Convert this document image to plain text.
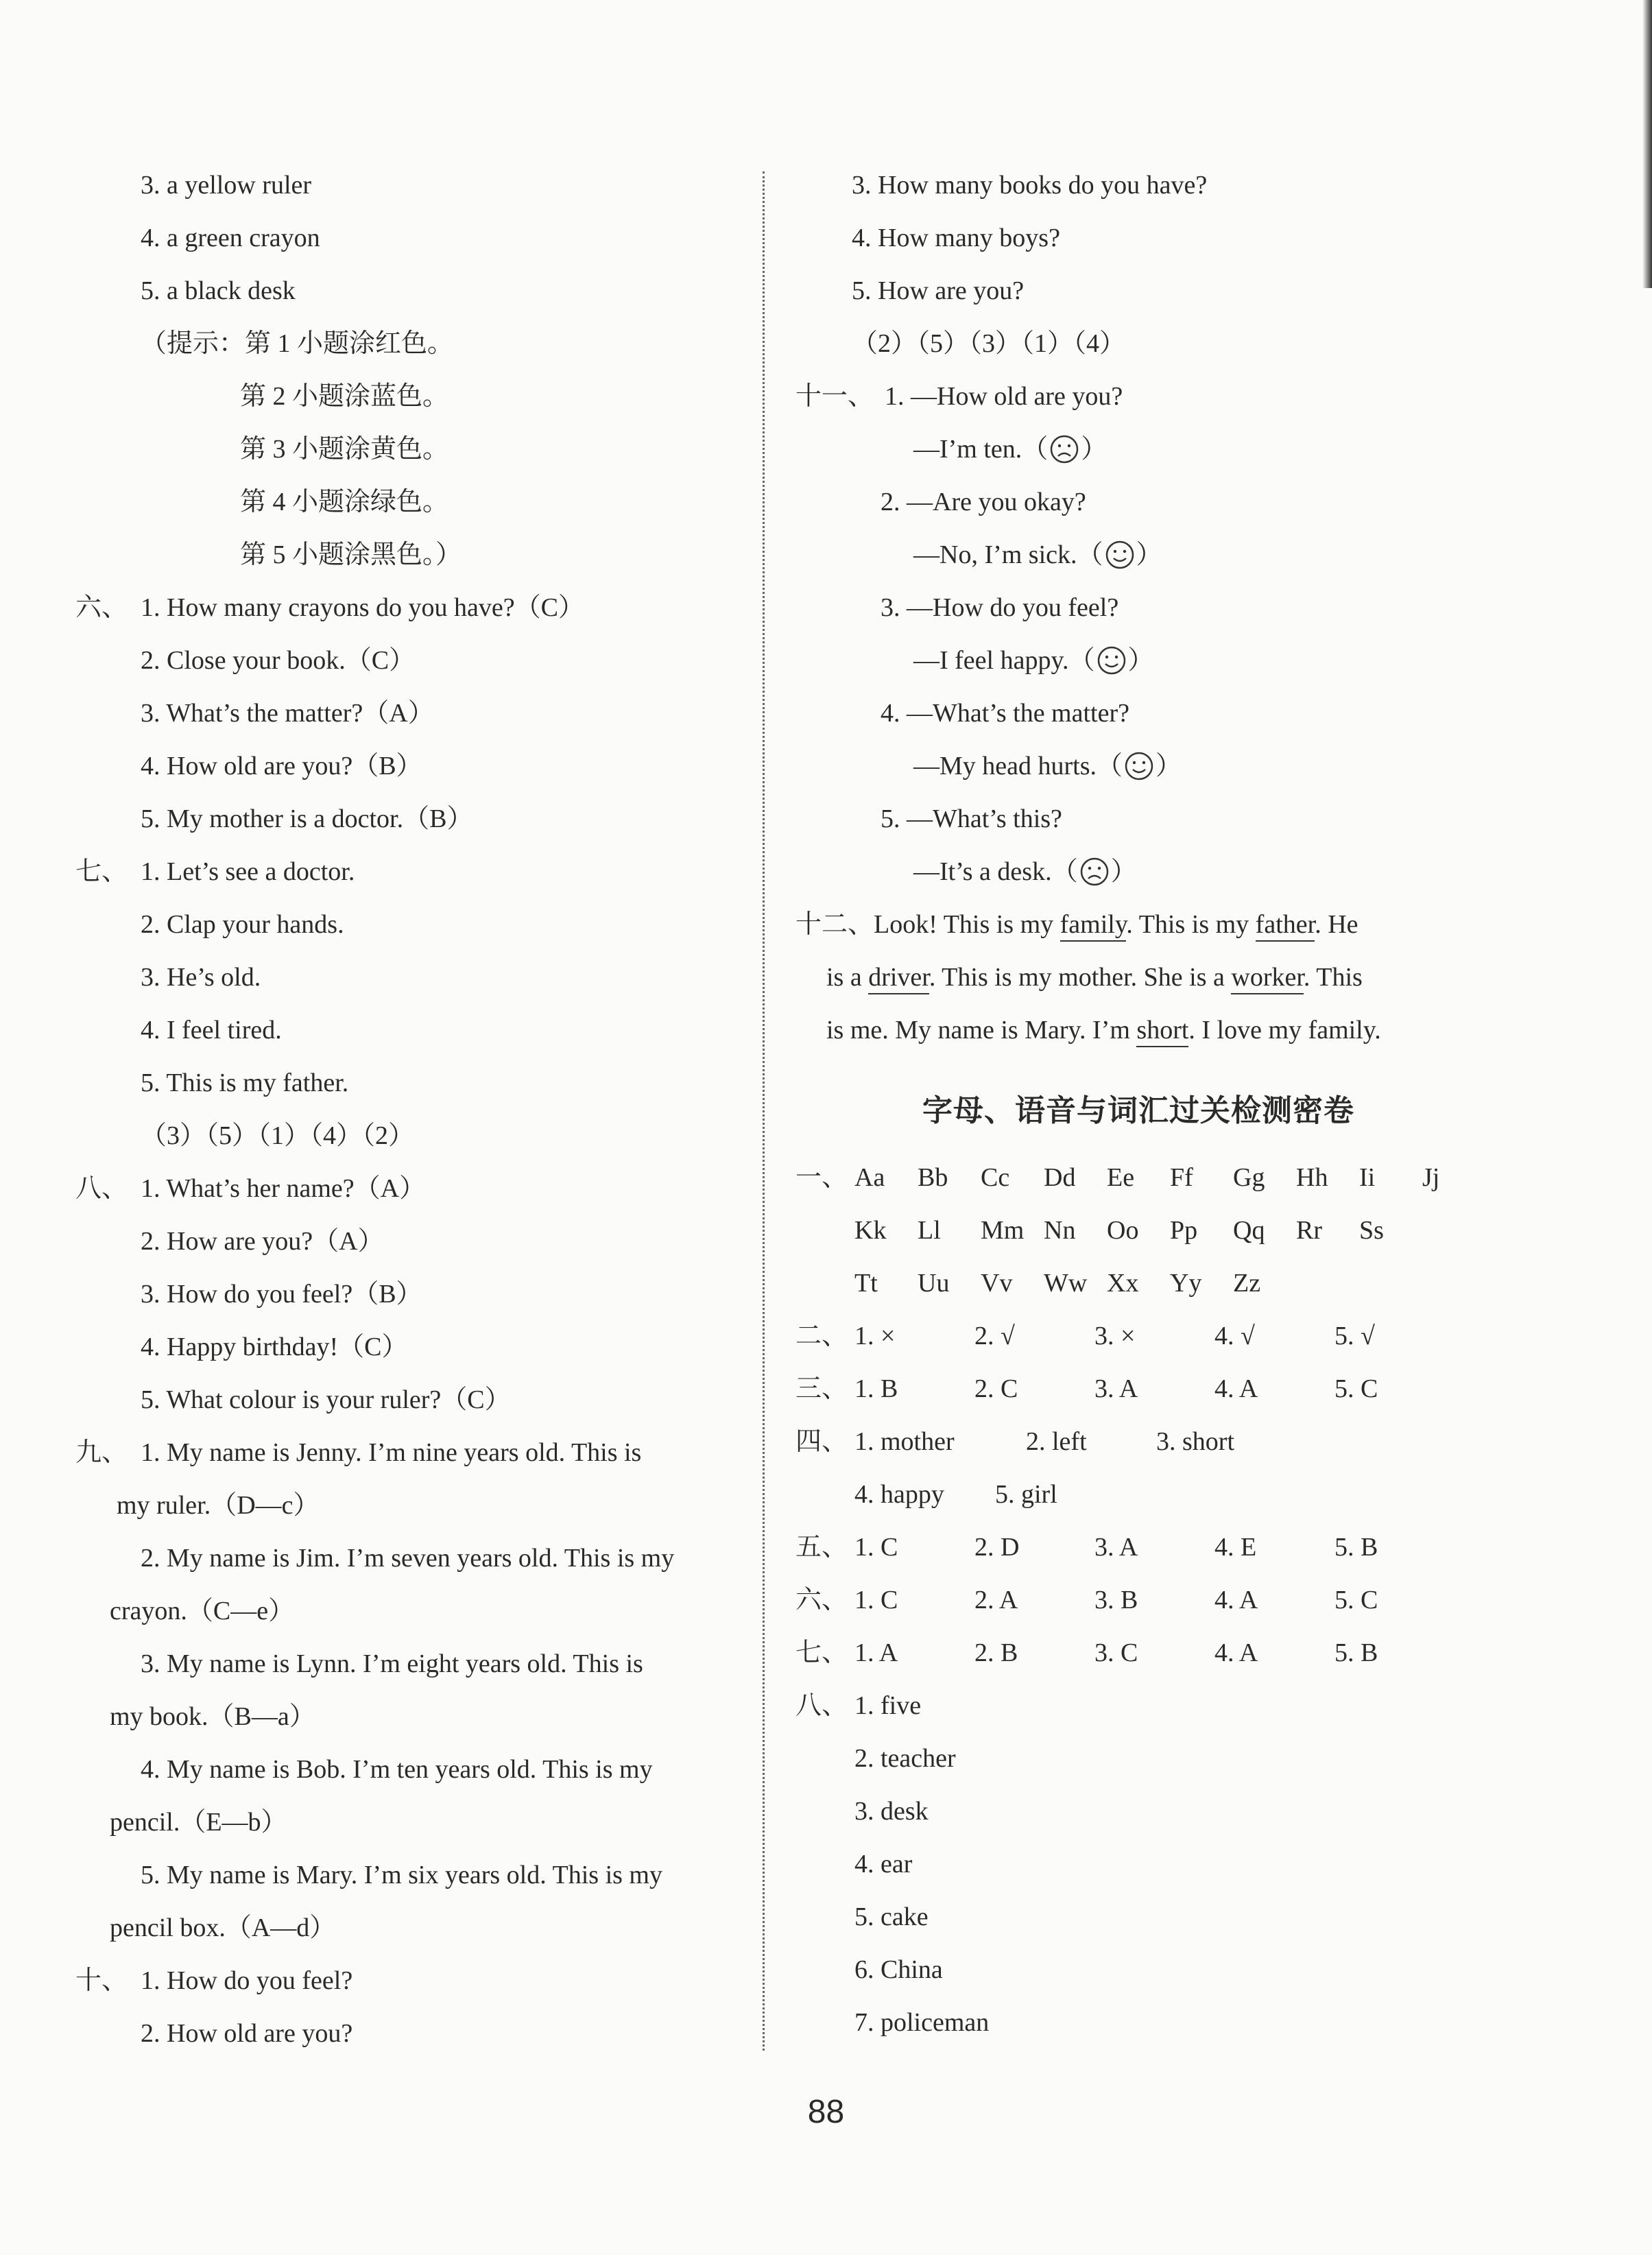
3. a yellow ruler
4. a green crayon
5. a black desk
（提示：第 1 小题涂红色。
第 2 小题涂蓝色。
第 3 小题涂黄色。
第 4 小题涂绿色。
第 5 小题涂黑色。）
六、 1. How many crayons do you have?（C）
2. Close your book.（C）
3. What’s the matter?（A）
4. How old are you?（B）
5. My mother is a doctor.（B）
七、 1. Let’s see a doctor.
2. Clap your hands.
3. He’s old.
4. I feel tired.
5. This is my father.
（3）（5）（1）（4）（2）
八、 1. What’s her name?（A）
2. How are you?（A）
3. How do you feel?（B）
4. Happy birthday!（C）
5. What colour is your ruler?（C）
九、 1. My name is Jenny. I’m nine years old. This is
my ruler.（D—c）
2. My name is Jim. I’m seven years old. This is my
crayon.（C—e）
3. My name is Lynn. I’m eight years old. This is
my book.（B—a）
4. My name is Bob. I’m ten years old. This is my
pencil.（E—b）
5. My name is Mary. I’m six years old. This is my
pencil box.（A—d）
十、 1. How do you feel?
2. How old are you?
3. How many books do you have?
4. How many boys?
5. How are you?
（2）（5）（3）（1）（4）
十一、 1. —How old are you?
—I’m ten.（ ）
2. —Are you okay?
—No, I’m sick.（ ）
3. —How do you feel?
—I feel happy.（ ）
4. —What’s the matter?
—My head hurts.（ ）
5. —What’s this?
—It’s a desk.（ ）
十二、Look! This is my family. This is my father. He
is a driver. This is my mother. She is a worker. This
is me. My name is Mary. I’m short. I love my family.
字母、语音与词汇过关检测密卷
一、 Aa Bb Cc Dd Ee Ff Gg Hh Ii Jj
Kk Ll Mm Nn Oo Pp Qq Rr Ss
Tt Uu Vv Ww Xx Yy Zz
二、 1. ×	2. √	3. ×	4. √	5. √
三、 1. B	2. C	3. A	4. A	5. C
四、 1. mother	2. left	3. short
4. happy 5. girl
五、 1. C	2. D	3. A	4. E	5. B
六、 1. C	2. A	3. B	4. A	5. C
七、 1. A	2. B	3. C	4. A	5. B
八、 1. five
2. teacher
3. desk
4. ear
5. cake
6. China
7. policeman
88
